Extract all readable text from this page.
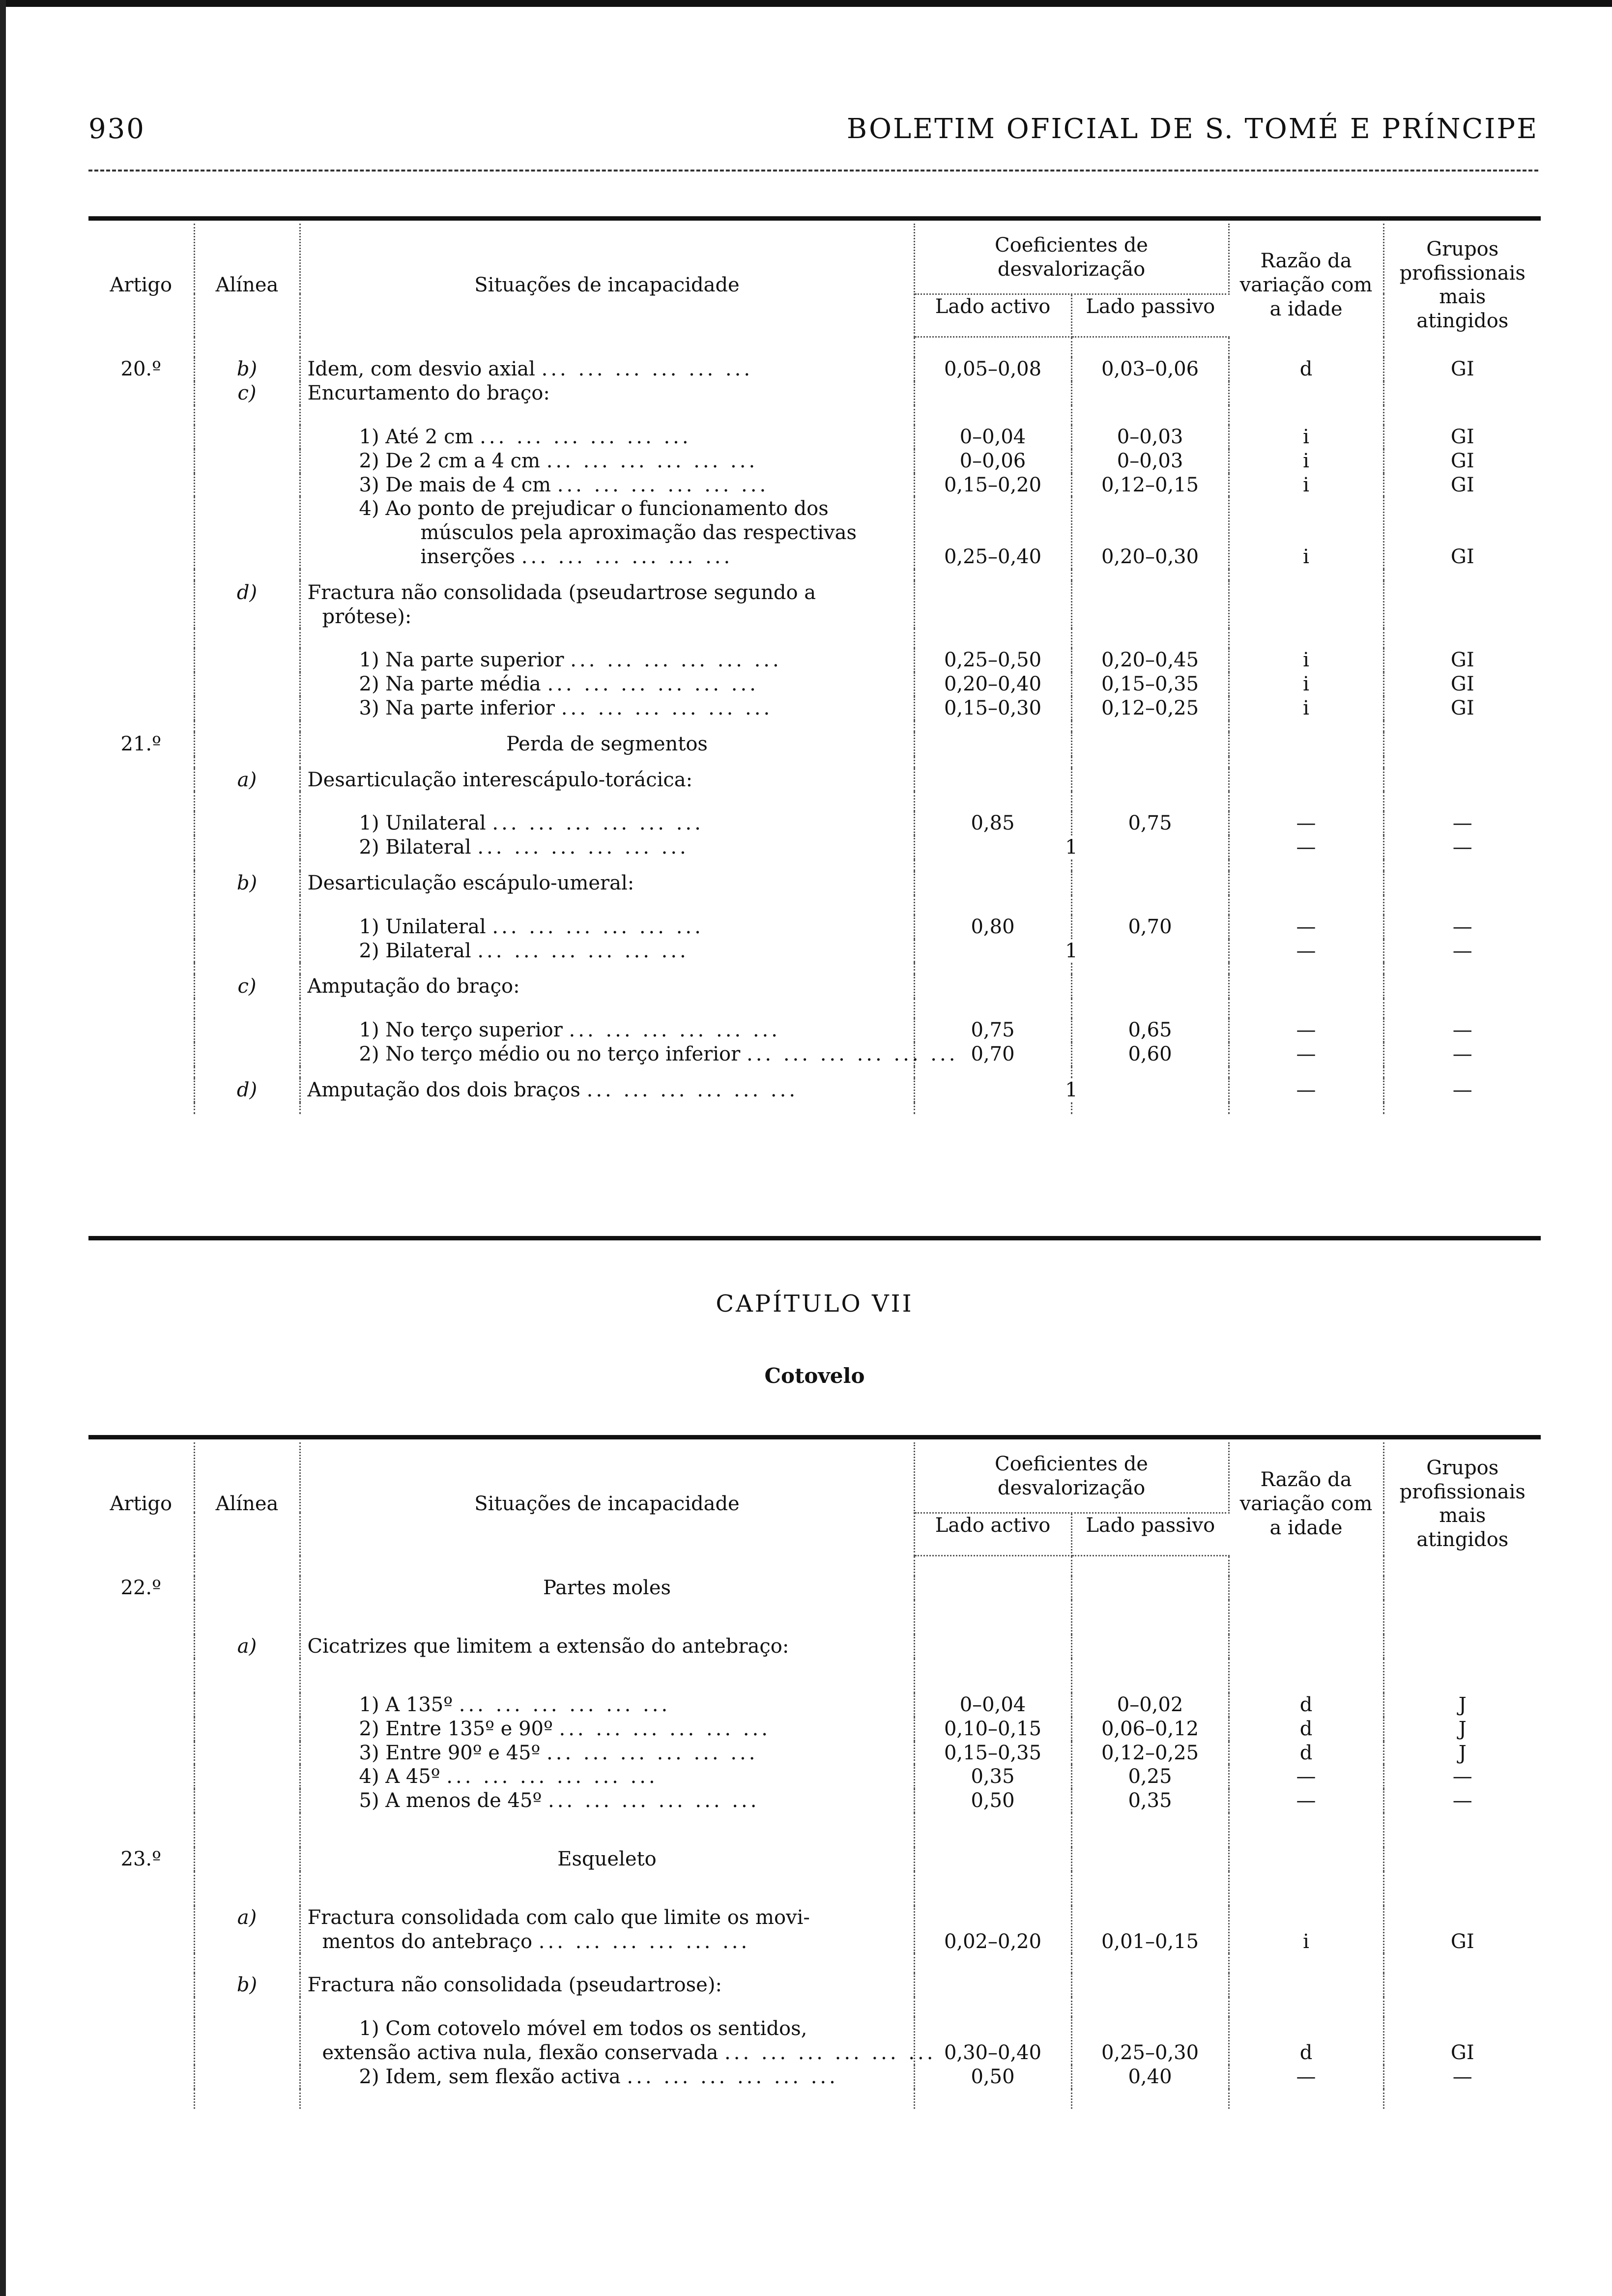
930	BOLETIM OFICIAL DE S. TOMÉ E PRÍNCIPE
Artigo	Alínea	Situações de incapacidade	Coeficientes de desvalorização		Razão da variação com a idade	Grupos profissionais mais atingidos
			Lado activo	Lado passivo		

20.º	b)	Idem, com desvio axial ... ... ... ... ... ...	0,05–0,08	0,03–0,06	d	GI
	c)	Encurtamento do braço:				

		1) Até 2 cm ... ... ... ... ... ...	0–0,04	0–0,03	i	GI

		2) De 2 cm a 4 cm ... ... ... ... ... ...	0–0,06	0–0,03	i	GI

		3) De mais de 4 cm ... ... ... ... ... ...	0,15–0,20	0,12–0,15	i	GI

		4) Ao ponto de prejudicar o funcionamento dos
músculos pela aproximação das respectivas
inserções ... ... ... ... ... ...	0,25–0,40	0,20–0,30	i	GI

	d)	Fractura não consolidada (pseudartrose segundo a
prótese):				

		1) Na parte superior ... ... ... ... ... ...	0,25–0,50	0,20–0,45	i	GI

		2) Na parte média ... ... ... ... ... ...	0,20–0,40	0,15–0,35	i	GI

		3) Na parte inferior ... ... ... ... ... ...	0,15–0,30	0,12–0,25	i	GI

21.º		Perda de segmentos				

	a)	Desarticulação interescápulo-torácica:				

		1) Unilateral ... ... ... ... ... ...	0,85	0,75	—	—

		2) Bilateral ... ... ... ... ... ...	1		—	—

	b)	Desarticulação escápulo-umeral:				

		1) Unilateral ... ... ... ... ... ...	0,80	0,70	—	—

		2) Bilateral ... ... ... ... ... ...	1		—	—

	c)	Amputação do braço:				

		1) No terço superior ... ... ... ... ... ...	0,75	0,65	—	—

		2) No terço médio ou no terço inferior ... ... ... ... ... ...	0,70	0,60	—	—

	d)	Amputação dos dois braços ... ... ... ... ... ...	1		—	—

CAPÍTULO VII
Cotovelo
Artigo	Alínea	Situações de incapacidade	Coeficientes de desvalorização		Razão da variação com a idade	Grupos profissionais mais atingidos
			Lado activo	Lado passivo		

22.º		Partes moles				

	a)	Cicatrizes que limitem a extensão do antebraço:				

		1) A 135º ... ... ... ... ... ...	0–0,04	0–0,02	d	J

		2) Entre 135º e 90º ... ... ... ... ... ...	0,10–0,15	0,06–0,12	d	J

		3) Entre 90º e 45º ... ... ... ... ... ...	0,15–0,35	0,12–0,25	d	J

		4) A 45º ... ... ... ... ... ...	0,35	0,25	—	—

		5) A menos de 45º ... ... ... ... ... ...	0,50	0,35	—	—

23.º		Esqueleto				

	a)	Fractura consolidada com calo que limite os movi-
mentos do antebraço ... ... ... ... ... ...	0,02–0,20	0,01–0,15	i	GI

	b)	Fractura não consolidada (pseudartrose):				

		1) Com cotovelo móvel em todos os sentidos,
extensão activa nula, flexão conservada ... ... ... ... ... ...	0,30–0,40	0,25–0,30	d	GI

		2) Idem, sem flexão activa ... ... ... ... ... ...	0,50	0,40	—	—
